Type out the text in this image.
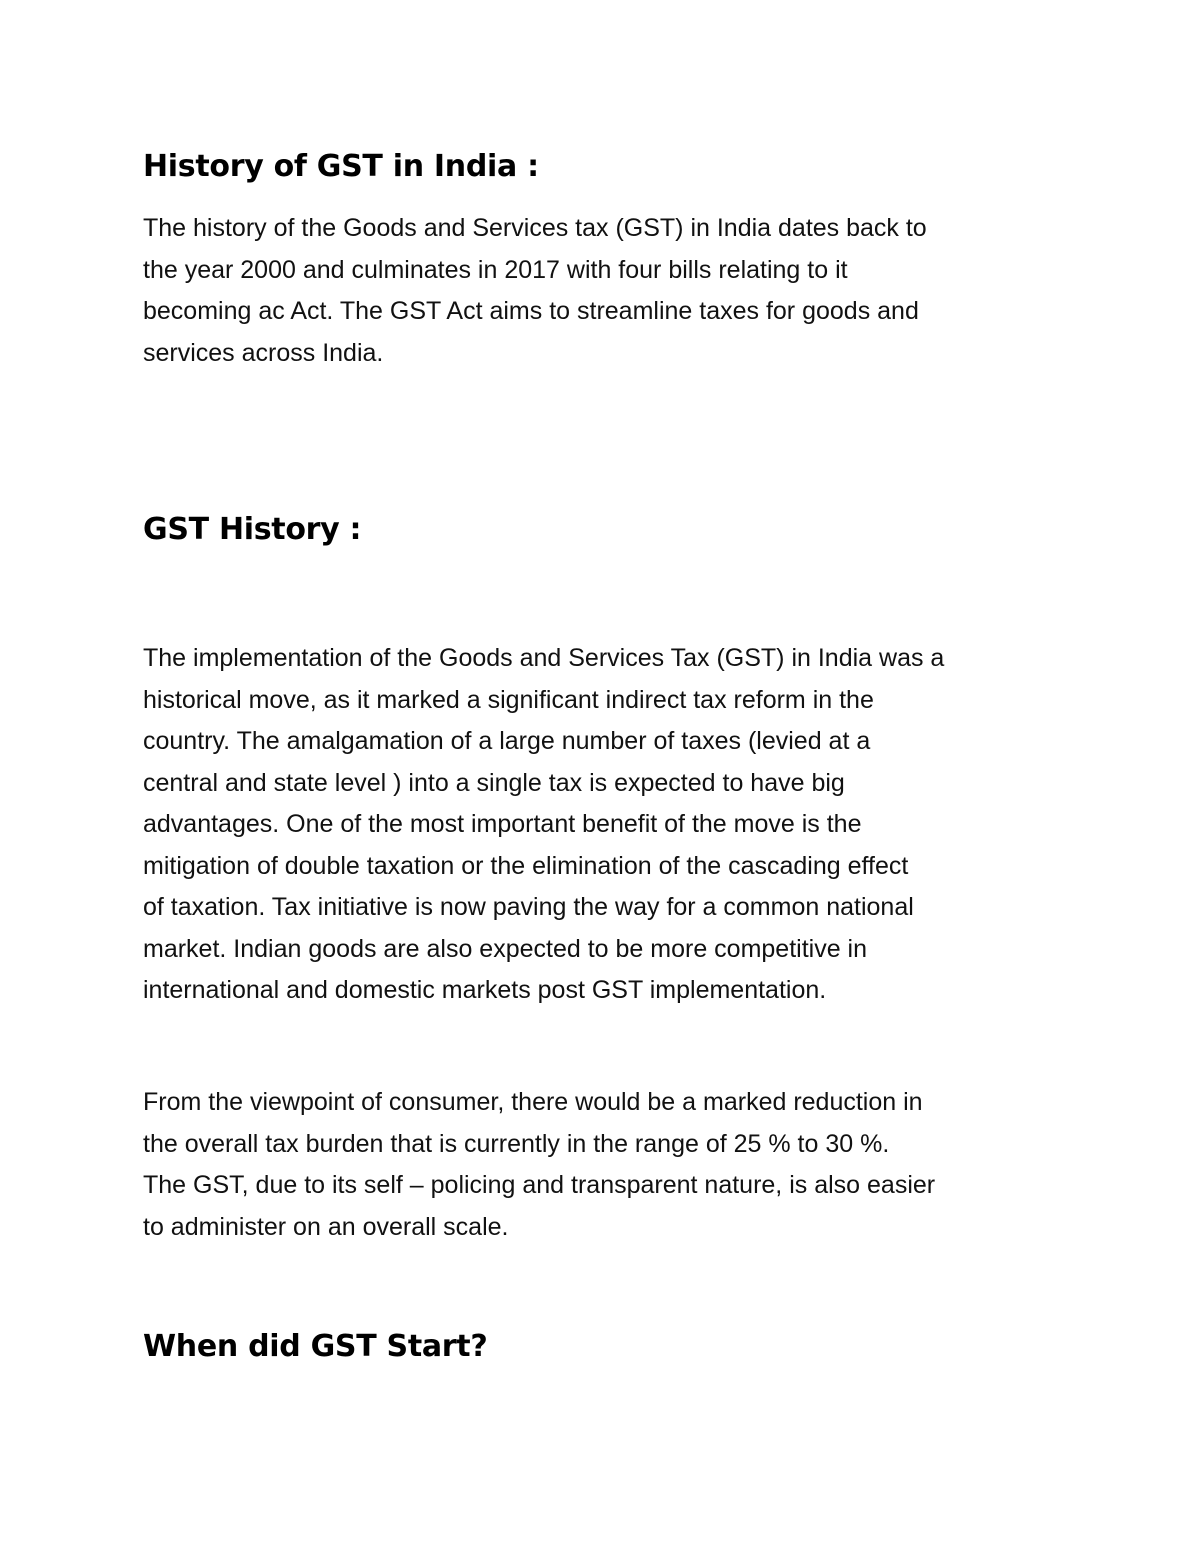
History of GST in India :

The history of the Goods and Services tax (GST) in India dates back to
the year 2000 and culminates in 2017 with four bills relating to it
becoming ac Act. The GST Act aims to streamline taxes for goods and
services across India.

GST History :

The implementation of the Goods and Services Tax (GST) in India was a
historical move, as it marked a significant indirect tax reform in the
country. The amalgamation of a large number of taxes (levied at a
central and state level ) into a single tax is expected to have big
advantages. One of the most important benefit of the move is the
mitigation of double taxation or the elimination of the cascading effect
of taxation. Tax initiative is now paving the way for a common national
market. Indian goods are also expected to be more competitive in
international and domestic markets post GST implementation.

From the viewpoint of consumer, there would be a marked reduction in
the overall tax burden that is currently in the range of 25 % to 30 %.
The GST, due to its self – policing and transparent nature, is also easier
to administer on an overall scale.

When did GST Start?
